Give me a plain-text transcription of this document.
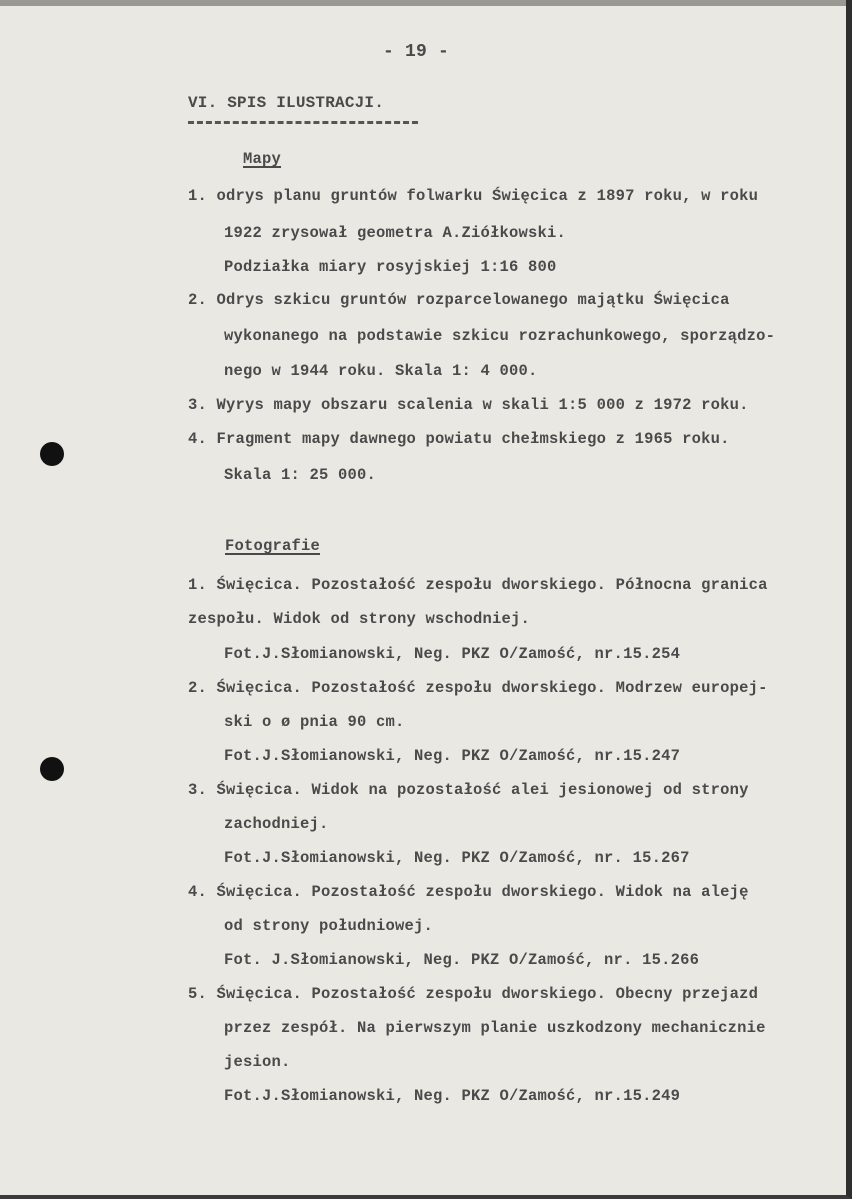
- 19 -
VI. SPIS ILUSTRACJI.
Mapy
1. odrys planu gruntów folwarku Święcica z 1897 roku, w roku
1922 zrysował geometra A.Ziółkowski.
Podziałka miary rosyjskiej 1:16 800
2. Odrys szkicu gruntów rozparcelowanego majątku Święcica
wykonanego na podstawie szkicu rozrachunkowego, sporządzo-
nego w 1944 roku. Skala 1: 4 000.
3. Wyrys mapy obszaru scalenia w skali 1:5 000 z 1972 roku.
4. Fragment mapy dawnego powiatu chełmskiego z 1965 roku.
Skala 1: 25 000.
Fotografie
1. Święcica. Pozostałość zespołu dworskiego. Północna granica
zespołu. Widok od strony wschodniej.
Fot.J.Słomianowski, Neg. PKZ O/Zamość, nr.15.254
2. Święcica. Pozostałość zespołu dworskiego. Modrzew europej-
ski o ø pnia 90 cm.
Fot.J.Słomianowski, Neg. PKZ O/Zamość, nr.15.247
3. Święcica. Widok na pozostałość alei jesionowej od strony
zachodniej.
Fot.J.Słomianowski, Neg. PKZ O/Zamość, nr. 15.267
4. Święcica. Pozostałość zespołu dworskiego. Widok na aleję
od strony południowej.
Fot. J.Słomianowski, Neg. PKZ O/Zamość, nr. 15.266
5. Święcica. Pozostałość zespołu dworskiego. Obecny przejazd
przez zespół. Na pierwszym planie uszkodzony mechanicznie
jesion.
Fot.J.Słomianowski, Neg. PKZ O/Zamość, nr.15.249
